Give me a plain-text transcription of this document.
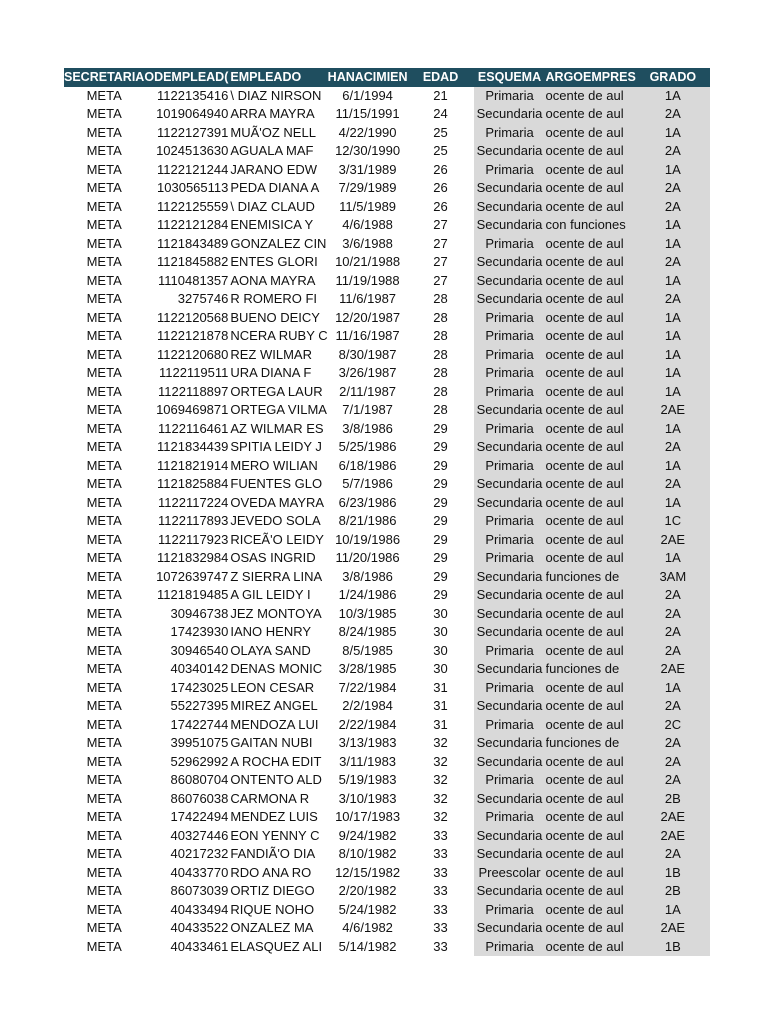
SECRETARIA	ODEMPLEAD(	EMPLEADO	HANACIMIEN	EDAD	ESQUEMA	ARGOEMPRES	GRADO
META	1122135416	\ DIAZ NIRSON	6/1/1994	21	Primaria	ocente de aul	1A
META	1019064940	ARRA MAYRA	11/15/1991	24	Secundaria	ocente de aul	2A
META	1122127391	MUÃ'OZ NELL	4/22/1990	25	Primaria	ocente de aul	1A
META	1024513630	AGUALA MAF	12/30/1990	25	Secundaria	ocente de aul	2A
META	1122121244	JARANO EDW	3/31/1989	26	Primaria	ocente de aul	1A
META	1030565113	PEDA DIANA A	7/29/1989	26	Secundaria	ocente de aul	2A
META	1122125559	\ DIAZ CLAUD	11/5/1989	26	Secundaria	ocente de aul	2A
META	1122121284	ENEMISICA Y	4/6/1988	27	Secundaria	con funciones	1A
META	1121843489	GONZALEZ CIN	3/6/1988	27	Primaria	ocente de aul	1A
META	1121845882	ENTES GLORI	10/21/1988	27	Secundaria	ocente de aul	2A
META	1110481357	AONA MAYRA	11/19/1988	27	Secundaria	ocente de aul	1A
META	3275746	R ROMERO FI	11/6/1987	28	Secundaria	ocente de aul	2A
META	1122120568	BUENO DEICY	12/20/1987	28	Primaria	ocente de aul	1A
META	1122121878	NCERA RUBY C	11/16/1987	28	Primaria	ocente de aul	1A
META	1122120680	REZ WILMAR	8/30/1987	28	Primaria	ocente de aul	1A
META	1122119511	URA DIANA F	3/26/1987	28	Primaria	ocente de aul	1A
META	1122118897	ORTEGA LAUR	2/11/1987	28	Primaria	ocente de aul	1A
META	1069469871	ORTEGA VILMA	7/1/1987	28	Secundaria	ocente de aul	2AE
META	1122116461	AZ WILMAR ES	3/8/1986	29	Primaria	ocente de aul	1A
META	1121834439	SPITIA LEIDY J	5/25/1986	29	Secundaria	ocente de aul	2A
META	1121821914	MERO WILIAN	6/18/1986	29	Primaria	ocente de aul	1A
META	1121825884	FUENTES GLO	5/7/1986	29	Secundaria	ocente de aul	2A
META	1122117224	OVEDA MAYRA	6/23/1986	29	Secundaria	ocente de aul	1A
META	1122117893	JEVEDO SOLA	8/21/1986	29	Primaria	ocente de aul	1C
META	1122117923	RICEÃ'O LEIDY	10/19/1986	29	Primaria	ocente de aul	2AE
META	1121832984	OSAS INGRID	11/20/1986	29	Primaria	ocente de aul	1A
META	1072639747	Z SIERRA LINA	3/8/1986	29	Secundaria	funciones de	3AM
META	1121819485	A GIL LEIDY I	1/24/1986	29	Secundaria	ocente de aul	2A
META	30946738	JEZ MONTOYA	10/3/1985	30	Secundaria	ocente de aul	2A
META	17423930	IANO HENRY	8/24/1985	30	Secundaria	ocente de aul	2A
META	30946540	OLAYA SAND	8/5/1985	30	Primaria	ocente de aul	2A
META	40340142	DENAS MONIC	3/28/1985	30	Secundaria	funciones de	2AE
META	17423025	LEON CESAR	7/22/1984	31	Primaria	ocente de aul	1A
META	55227395	MIREZ ANGEL	2/2/1984	31	Secundaria	ocente de aul	2A
META	17422744	MENDOZA LUI	2/22/1984	31	Primaria	ocente de aul	2C
META	39951075	GAITAN NUBI	3/13/1983	32	Secundaria	funciones de	2A
META	52962992	A ROCHA EDIT	3/11/1983	32	Secundaria	ocente de aul	2A
META	86080704	ONTENTO ALD	5/19/1983	32	Primaria	ocente de aul	2A
META	86076038	CARMONA R	3/10/1983	32	Secundaria	ocente de aul	2B
META	17422494	MENDEZ LUIS	10/17/1983	32	Primaria	ocente de aul	2AE
META	40327446	EON YENNY C	9/24/1982	33	Secundaria	ocente de aul	2AE
META	40217232	FANDIÃ'O DIA	8/10/1982	33	Secundaria	ocente de aul	2A
META	40433770	RDO ANA RO	12/15/1982	33	Preescolar	ocente de aul	1B
META	86073039	ORTIZ DIEGO	2/20/1982	33	Secundaria	ocente de aul	2B
META	40433494	RIQUE NOHO	5/24/1982	33	Primaria	ocente de aul	1A
META	40433522	ONZALEZ MA	4/6/1982	33	Secundaria	ocente de aul	2AE
META	40433461	ELASQUEZ ALI	5/14/1982	33	Primaria	ocente de aul	1B
